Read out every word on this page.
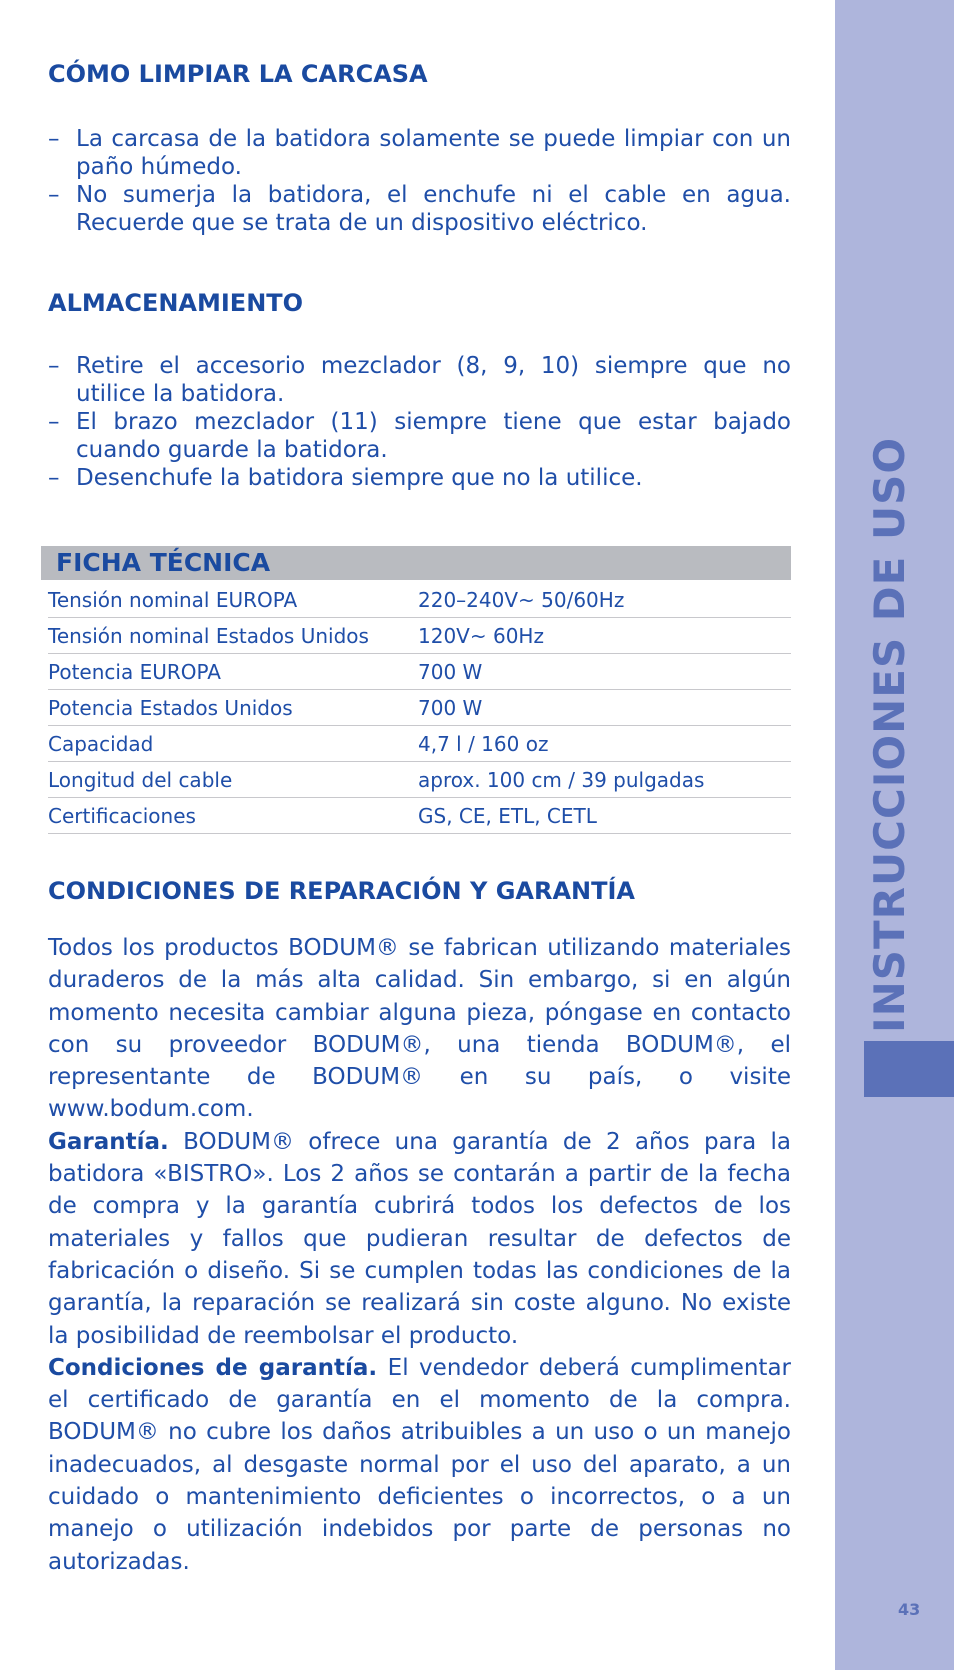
INSTRUCCIONES DE USO
43
CÓMO LIMPIAR LA CARCASA
– La carcasa de la batidora solamente se puede limpiar con un paño húmedo.
– No sumerja la batidora, el enchufe ni el cable en agua. Recuerde que se trata de un dispositivo eléctrico.
ALMACENAMIENTO
– Retire el accesorio mezclador (8, 9, 10) siempre que no utilice la batidora.
– El brazo mezclador (11) siempre tiene que estar bajado cuando guarde la batidora.
– Desenchufe la batidora siempre que no la utilice.
FICHA TÉCNICA
Tensión nominal EUROPA	220–240V~ 50/60Hz
Tensión nominal Estados Unidos	120V~ 60Hz
Potencia EUROPA	700 W
Potencia Estados Unidos	700 W
Capacidad	4,7 l / 160 oz
Longitud del cable	aprox. 100 cm / 39 pulgadas
Certificaciones	GS, CE, ETL, CETL
CONDICIONES DE REPARACIÓN Y GARANTÍA
Todos los productos BODUM® se fabrican utilizando materiales duraderos de la más alta calidad. Sin embargo, si en algún momento necesita cambiar alguna pieza, póngase en contacto con su proveedor BODUM®, una tienda BODUM®, el representante de BODUM® en su país, o visite www.bodum.com.
Garantía. BODUM® ofrece una garantía de 2 años para la batidora «BISTRO». Los 2 años se contarán a partir de la fecha de compra y la garantía cubrirá todos los defectos de los materiales y fallos que pudieran resultar de defectos de fabricación o diseño. Si se cumplen todas las condiciones de la garantía, la reparación se realizará sin coste alguno. No existe la posibilidad de reembolsar el producto.
Condiciones de garantía. El vendedor deberá cumplimentar el certificado de garantía en el momento de la compra. BODUM® no cubre los daños atribuibles a un uso o un manejo inadecuados, al desgaste normal por el uso del aparato, a un cuidado o mantenimiento deficientes o incorrectos, o a un manejo o utilización indebidos por parte de personas no autorizadas.
